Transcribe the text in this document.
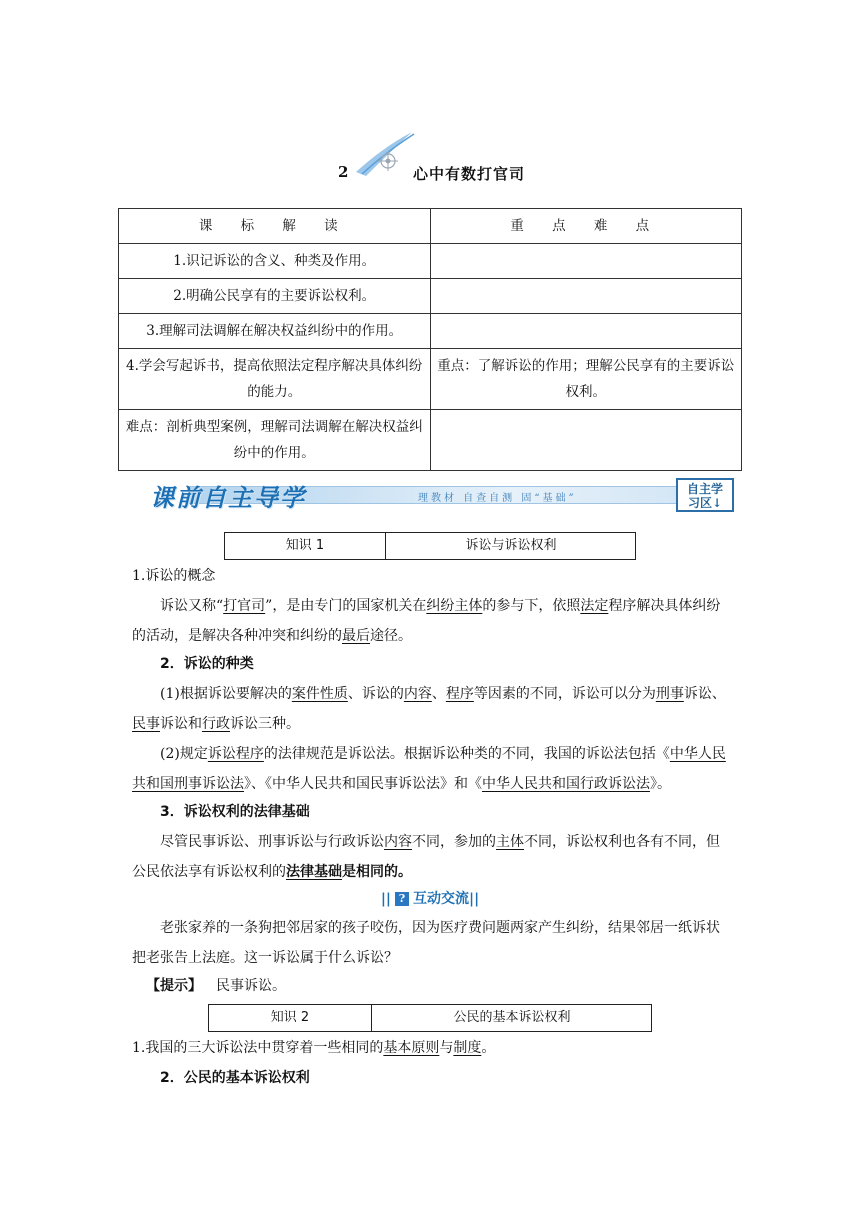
2	心中有数打官司
课 标 解 读	重 点 难 点
1.识记诉讼的含义、种类及作用。	
2.明确公民享有的主要诉讼权利。	
3.理解司法调解在解决权益纠纷中的作用。	
4.学会写起诉书，提高依照法定程序解决具体纠纷的能力。	重点：了解诉讼的作用；理解公民享有的主要诉讼权利。
难点：剖析典型案例，理解司法调解在解决权益纠纷中的作用。	
课前自主导学	理教材 自查自测 固“基础”
自主学
习区↓
知识 1	诉讼与诉讼权利
1.诉讼的概念
诉讼又称“打官司”，是由专门的国家机关在纠纷主体的参与下，依照法定程序解决具体纠纷的活动，是解决各种冲突和纠纷的最后途径。
2．诉讼的种类
(1)根据诉讼要解决的案件性质、诉讼的内容、程序等因素的不同，诉讼可以分为刑事诉讼、民事诉讼和行政诉讼三种。
(2)规定诉讼程序的法律规范是诉讼法。根据诉讼种类的不同，我国的诉讼法包括《中华人民共和国刑事诉讼法》、《中华人民共和国民事诉讼法》和《中华人民共和国行政诉讼法》。
3．诉讼权利的法律基础
尽管民事诉讼、刑事诉讼与行政诉讼内容不同，参加的主体不同，诉讼权利也各有不同，但公民依法享有诉讼权利的法律基础是相同的。
|| ? 互动交流||
老张家养的一条狗把邻居家的孩子咬伤，因为医疗费问题两家产生纠纷，结果邻居一纸诉状把老张告上法庭。这一诉讼属于什么诉讼？
【提示】 民事诉讼。
知识 2	公民的基本诉讼权利
1.我国的三大诉讼法中贯穿着一些相同的基本原则与制度。
2．公民的基本诉讼权利
